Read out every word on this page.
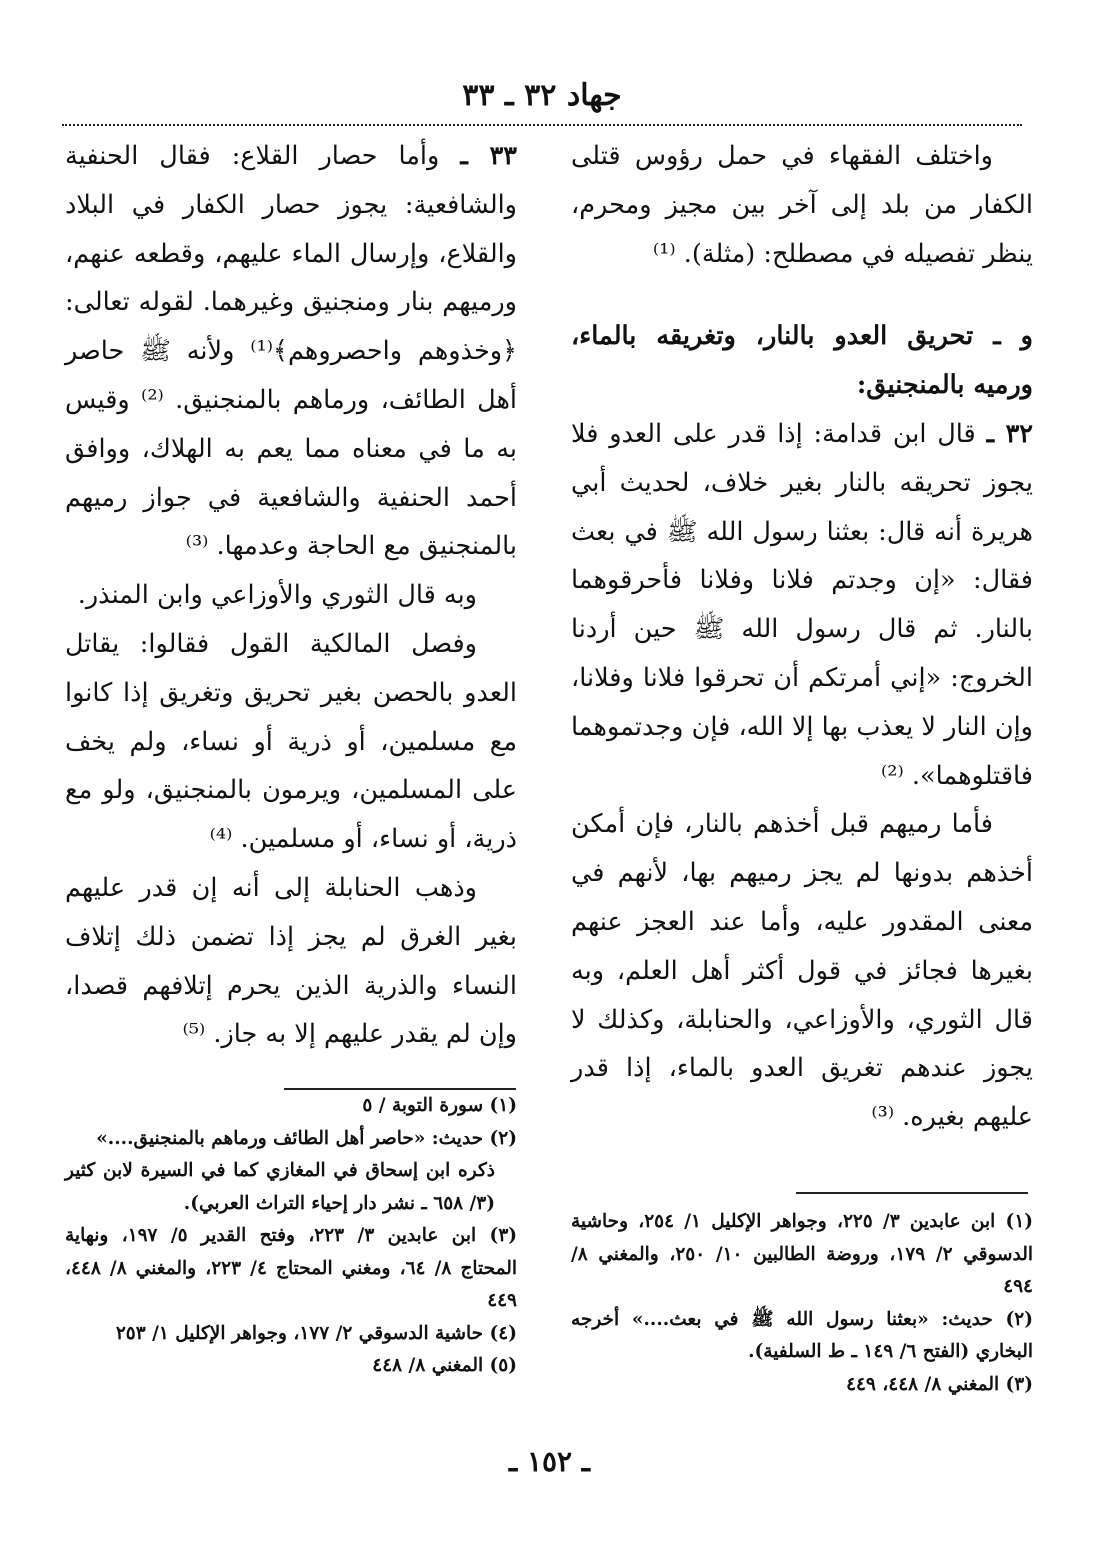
جهاد ٣٢ ـ ٣٣

واختلف الفقهاء في حمل رؤوس قتلى الكفار من بلد إلى آخر بين مجيز ومحرم، ينظر تفصيله في مصطلح: (مثلة). ⁽¹⁾

و ـ تحريق العدو بالنار، وتغريقه بالماء، ورميه بالمنجنيق:

٣٢ ـ قال ابن قدامة: إذا قدر على العدو فلا يجوز تحريقه بالنار بغير خلاف، لحديث أبي هريرة أنه قال: بعثنا رسول الله ﷺ في بعث فقال: «إن وجدتم فلانا وفلانا فأحرقوهما بالنار. ثم قال رسول الله ﷺ حين أردنا الخروج: «إني أمرتكم أن تحرقوا فلانا وفلانا، وإن النار لا يعذب بها إلا الله، فإن وجدتموهما فاقتلوهما». ⁽²⁾

فأما رميهم قبل أخذهم بالنار، فإن أمكن أخذهم بدونها لم يجز رميهم بها، لأنهم في معنى المقدور عليه، وأما عند العجز عنهم بغيرها فجائز في قول أكثر أهل العلم، وبه قال الثوري، والأوزاعي، والحنابلة، وكذلك لا يجوز عندهم تغريق العدو بالماء، إذا قدر عليهم بغيره. ⁽³⁾

٣٣ ـ وأما حصار القلاع: فقال الحنفية والشافعية: يجوز حصار الكفار في البلاد والقلاع، وإرسال الماء عليهم، وقطعه عنهم، ورميهم بنار ومنجنيق وغيرهما. لقوله تعالى: ﴿وخذوهم واحصروهم﴾⁽¹⁾ ولأنه ﷺ حاصر أهل الطائف، ورماهم بالمنجنيق. ⁽²⁾ وقيس به ما في معناه مما يعم به الهلاك، ووافق أحمد الحنفية والشافعية في جواز رميهم بالمنجنيق مع الحاجة وعدمها. ⁽³⁾

وبه قال الثوري والأوزاعي وابن المنذر.

وفصل المالكية القول فقالوا: يقاتل العدو بالحصن بغير تحريق وتغريق إذا كانوا مع مسلمين، أو ذرية أو نساء، ولم يخف على المسلمين، ويرمون بالمنجنيق، ولو مع ذرية، أو نساء، أو مسلمين. ⁽⁴⁾

وذهب الحنابلة إلى أنه إن قدر عليهم بغير الغرق لم يجز إذا تضمن ذلك إتلاف النساء والذرية الذين يحرم إتلافهم قصدا، وإن لم يقدر عليهم إلا به جاز. ⁽⁵⁾

(١) سورة التوبة / ٥

(٢) حديث: «حاصر أهل الطائف ورماهم بالمنجنيق....»

ذكره ابن إسحاق في المغازي كما في السيرة لابن كثير (٣/ ٦٥٨ ـ نشر دار إحياء التراث العربي).

(٣) ابن عابدين ٣/ ٢٢٣، وفتح القدير ٥/ ١٩٧، ونهاية المحتاج ٨/ ٦٤، ومغني المحتاج ٤/ ٢٢٣، والمغني ٨/ ٤٤٨، ٤٤٩

(٤) حاشية الدسوقي ٢/ ١٧٧، وجواهر الإكليل ١/ ٢٥٣

(٥) المغني ٨/ ٤٤٨

(١) ابن عابدين ٣/ ٢٢٥، وجواهر الإكليل ١/ ٢٥٤، وحاشية الدسوقي ٢/ ١٧٩، وروضة الطالبين ١٠/ ٢٥٠، والمغني ٨/ ٤٩٤

(٢) حديث: «بعثنا رسول الله ﷺ في بعث....» أخرجه البخاري (الفتح ٦/ ١٤٩ ـ ط السلفية).

(٣) المغني ٨/ ٤٤٨، ٤٤٩

ـ ١٥٢ ـ
